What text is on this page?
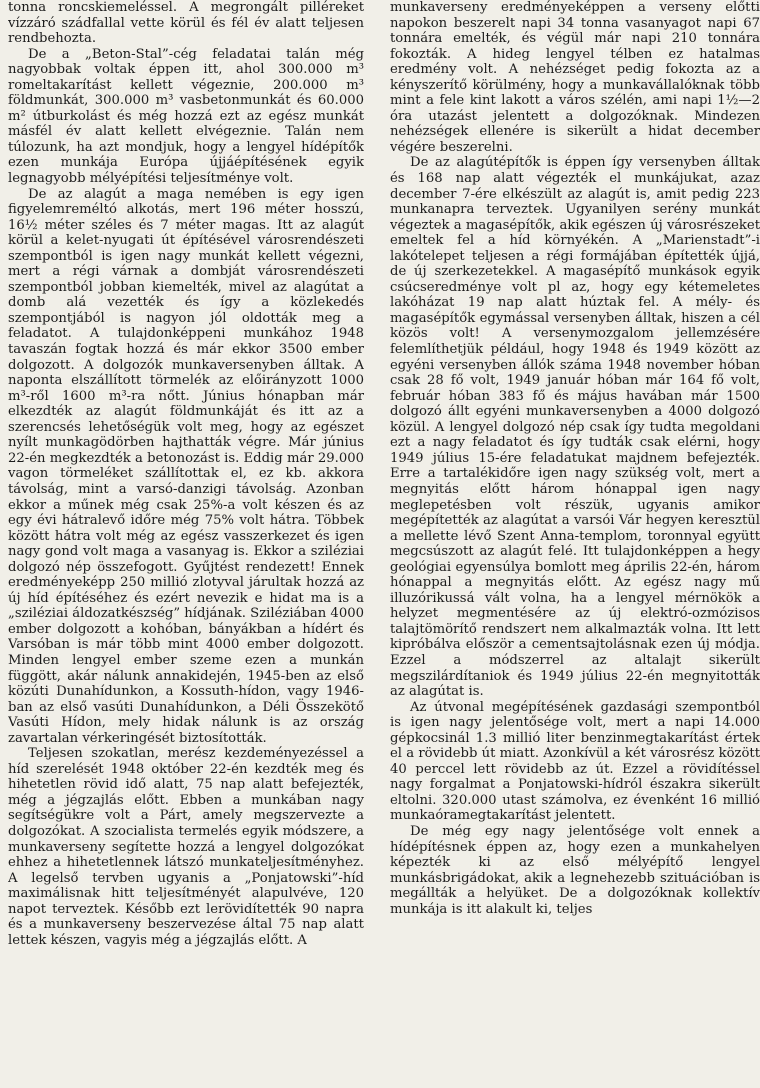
tonna roncskiemeléssel. A megrongált pilléreket vízzáró szádfallal vette körül és fél év alatt teljesen rendbehozta.

De a „Beton-Stal”-cég feladatai talán még nagyobbak voltak éppen itt, ahol 300.000 m³ romeltakarítást kellett végeznie, 200.000 m³ földmunkát, 300.000 m³ vasbetonmunkát és 60.000 m² útburkolást és még hozzá ezt az egész munkát másfél év alatt kellett elvégeznie. Talán nem túlozunk, ha azt mondjuk, hogy a lengyel hídépítők ezen munkája Európa újjáépítésének egyik legnagyobb mélyépítési teljesítménye volt.

De az alagút a maga nemében is egy igen figyelemreméltó alkotás, mert 196 méter hosszú, 16½ méter széles és 7 méter magas. Itt az alagút körül a kelet-nyugati út építésével városrendészeti szempontból is igen nagy munkát kellett végezni, mert a régi várnak a dombját városrendészeti szempontból jobban kiemelték, mivel az alagútat a domb alá vezették és így a közlekedés szempontjából is nagyon jól oldották meg a feladatot. A tulajdonképpeni munkához 1948 tavaszán fogtak hozzá és már ekkor 3500 ember dolgozott. A dolgozók munkaversenyben álltak. A naponta elszállított törmelék az előirányzott 1000 m³-ről 1600 m³-ra nőtt. Június hónapban már elkezdték az alagút földmunkáját és itt az a szerencsés lehetőségük volt meg, hogy az egészet nyílt munkagödörben hajthatták végre. Már június 22-én megkezdték a betonozást is. Eddig már 29.000 vagon törmeléket szállítottak el, ez kb. akkora távolság, mint a varsó-danzigi távolság. Azonban ekkor a műnek még csak 25%-a volt készen és az egy évi hátralevő időre még 75% volt hátra. Többek között hátra volt még az egész vasszerkezet és igen nagy gond volt maga a vasanyag is. Ekkor a sziléziai dolgozó nép összefogott. Gyűjtést rendezett! Ennek eredményeképp 250 millió zlotyval járultak hozzá az új híd építéséhez és ezért nevezik e hidat ma is a „sziléziai áldozatkészség” hídjának. Sziléziában 4000 ember dolgozott a kohóban, bányákban a hídért és Varsóban is már több mint 4000 ember dolgozott. Minden lengyel ember szeme ezen a munkán függött, akár nálunk annakidején, 1945-ben az első közúti Dunahídunkon, a Kossuth-hídon, vagy 1946-ban az első vasúti Dunahídunkon, a Déli Összekötő Vasúti Hídon, mely hidak nálunk is az ország zavartalan vérkeringését biztosították.

Teljesen szokatlan, merész kezdeményezéssel a híd szerelését 1948 október 22-én kezdték meg és hihetetlen rövid idő alatt, 75 nap alatt befejezték, még a jégzajlás előtt. Ebben a munkában nagy segítségükre volt a Párt, amely megszervezte a dolgozókat. A szocialista termelés egyik módszere, a munkaverseny segítette hozzá a lengyel dolgozókat ehhez a hihetetlennek látszó munkateljesítményhez. A legelső tervben ugyanis a „Ponjatowski”-híd maximálisnak hitt teljesítményét alapulvéve, 120 napot terveztek. Később ezt lerövidítették 90 napra és a munkaverseny beszervezése által 75 nap alatt lettek készen, vagyis még a jégzajlás előtt. A

munkaverseny eredményeképpen a verseny előtti napokon beszerelt napi 34 tonna vasanyagot napi 67 tonnára emelték, és végül már napi 210 tonnára fokozták. A hideg lengyel télben ez hatalmas eredmény volt. A nehézséget pedig fokozta az a kényszerítő körülmény, hogy a munkavállalóknak több mint a fele kint lakott a város szélén, ami napi 1½—2 óra utazást jelentett a dolgozóknak. Mindezen nehézségek ellenére is sikerült a hidat december végére beszerelni.

De az alagútépítők is éppen így versenyben álltak és 168 nap alatt végezték el munkájukat, azaz december 7-ére elkészült az alagút is, amit pedig 223 munkanapra terveztek. Ugyanilyen serény munkát végeztek a magasépítők, akik egészen új városrészeket emeltek fel a híd környékén. A „Marienstadt”-i lakótelepet teljesen a régi formájában építették újjá, de új szerkezetekkel. A magasépítő munkások egyik csúcseredménye volt pl az, hogy egy kétemeletes lakóházat 19 nap alatt húztak fel. A mély- és magasépítők egymással versenyben álltak, hiszen a cél közös volt! A versenymozgalom jellemzésére felemlíthetjük például, hogy 1948 és 1949 között az egyéni versenyben állók száma 1948 november hóban csak 28 fő volt, 1949 január hóban már 164 fő volt, február hóban 383 fő és május havában már 1500 dolgozó állt egyéni munkaversenyben a 4000 dolgozó közül. A lengyel dolgozó nép csak így tudta megoldani ezt a nagy feladatot és így tudták csak elérni, hogy 1949 július 15-ére feladatukat majdnem befejezték. Erre a tartalékidőre igen nagy szükség volt, mert a megnyitás előtt három hónappal igen nagy meglepetésben volt részük, ugyanis amikor megépítették az alagútat a varsói Vár hegyen keresztül a mellette lévő Szent Anna-templom, toronnyal együtt megcsúszott az alagút felé. Itt tulajdonképpen a hegy geológiai egyensúlya bomlott meg április 22-én, három hónappal a megnyitás előtt. Az egész nagy mű illuzórikussá vált volna, ha a lengyel mérnökök a helyzet megmentésére az új elektró-ozmózisos talajtömörítő rendszert nem alkalmazták volna. Itt lett kipróbálva először a cementsajtolásnak ezen új módja. Ezzel a módszerrel az altalajt sikerült megszilárdítaniok és 1949 július 22-én megnyitották az alagútat is.

Az útvonal megépítésének gazdasági szempontból is igen nagy jelentősége volt, mert a napi 14.000 gépkocsinál 1.3 millió liter benzinmegtakarítást értek el a rövidebb út miatt. Azonkívül a két városrész között 40 perccel lett rövidebb az út. Ezzel a rövidítéssel nagy forgalmat a Ponjatowski-hídról északra sikerült eltolni. 320.000 utast számolva, ez évenként 16 millió munkaóramegtakarítást jelentett.

De még egy nagy jelentősége volt ennek a hídépítésnek éppen az, hogy ezen a munkahelyen képezték ki az első mélyépítő lengyel munkásbrigádokat, akik a legnehezebb szituációban is megállták a helyüket. De a dolgozóknak kollektív munkája is itt alakult ki, teljes
